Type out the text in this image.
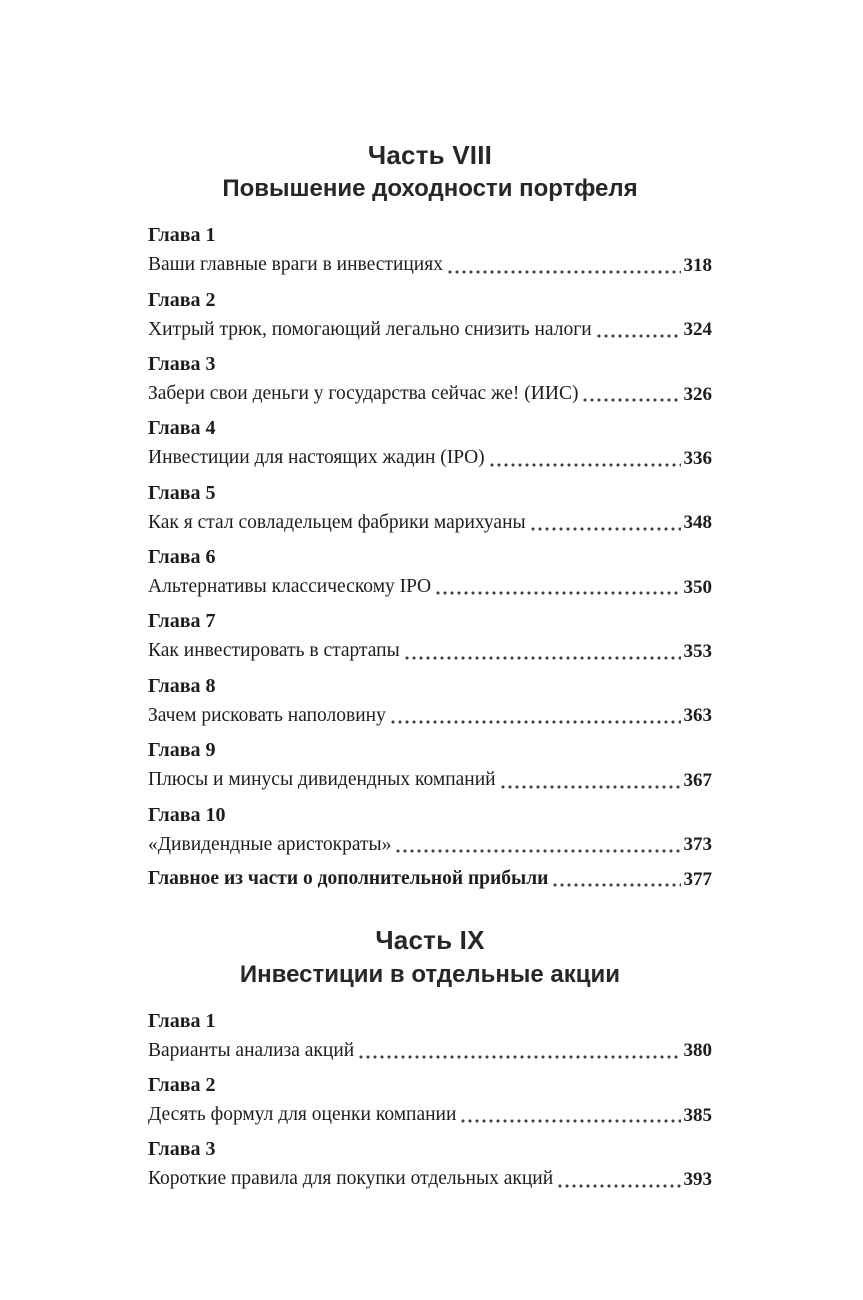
Часть VIII
Повышение доходности портфеля
Глава 1
Ваши главные враги в инвестициях	318
Глава 2
Хитрый трюк, помогающий легально снизить налоги	324
Глава 3
Забери свои деньги у государства сейчас же! (ИИС)	326
Глава 4
Инвестиции для настоящих жадин (IPO)	336
Глава 5
Как я стал совладельцем фабрики марихуаны	348
Глава 6
Альтернативы классическому IPO	350
Глава 7
Как инвестировать в стартапы	353
Глава 8
Зачем рисковать наполовину	363
Глава 9
Плюсы и минусы дивидендных компаний	367
Глава 10
«Дивидендные аристократы»	373
Главное из части о дополнительной прибыли	377
Часть IX
Инвестиции в отдельные акции
Глава 1
Варианты анализа акций	380
Глава 2
Десять формул для оценки компании	385
Глава 3
Короткие правила для покупки отдельных акций	393
